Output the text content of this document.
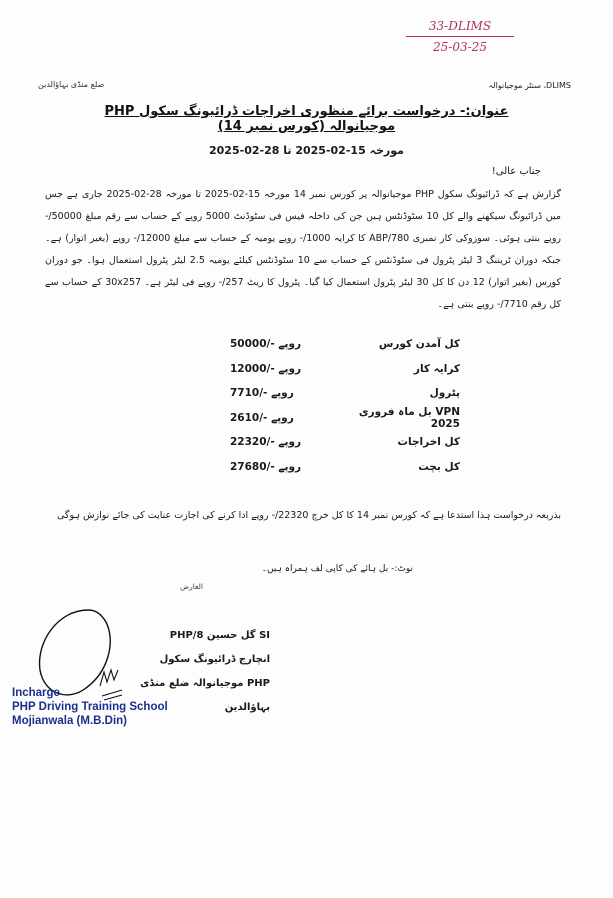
33-DLIMS
25-03-25
ضلع منڈی بہاؤالدین	DLIMS، سنٹر موجیانوالہ
عنوان:- درخواست برائے منظوری اخراجات ڈرائیونگ سکول PHP موجیانوالہ (کورس نمبر 14)
مورخہ 15-02-2025 تا 28-02-2025
جناب عالی!
گزارش ہے کہ ڈرائیونگ سکول PHP موجیانوالہ پر کورس نمبر 14 مورخہ 15-02-2025 تا مورخہ 28-02-2025 جاری ہے جس میں ڈرائیونگ سیکھنے والے کل 10 سٹوڈنٹس ہیں جن کی داخلہ فیس فی سٹوڈنٹ 5000 روپے کے حساب سے رقم مبلغ 50000/- روپے بنتی ہوئی۔ سوزوکی کار نمبری ABP/780 کا کرایہ 1000/- روپے یومیہ کے حساب سے مبلغ 12000/- روپے (بغیر اتوار) ہے۔ جبکہ دوران ٹریننگ 3 لیٹر پٹرول فی سٹوڈنٹس کے حساب سے 10 سٹوڈنٹس کیلئے یومیہ 2.5 لیٹر پٹرول استعمال ہوا۔ جو دوران کورس (بغیر اتوار) 12 دن کا کل 30 لیٹر پٹرول استعمال کیا گیا۔ پٹرول کا ریٹ 257/- روپے فی لیٹر ہے۔ 30x257 کے حساب سے کل رقم 7710/- روپے بنتی ہے۔
کل آمدن کورس
50000/- روپے
کرایہ کار
12000/- روپے
پٹرول
7710/- روپے
VPN بل ماہ فروری 2025
2610/- روپے
کل اخراجات
22320/- روپے
کل بچت
27680/- روپے
بذریعہ درخواست ہذا استدعا ہے کہ کورس نمبر 14 کا کل خرچ 22320/- روپے ادا کرنے کی اجازت عنایت کی جائے نوازش ہوگی
نوٹ:- بل ہائے کی کاپی لف ہمراہ ہیں۔
العارض
SI گل حسین 8/PHP
انچارج ڈرائیونگ سکول
PHP موجیانوالہ ضلع منڈی بہاؤالدین
Incharge
PHP Driving Training School
Mojianwala (M.B.Din)
